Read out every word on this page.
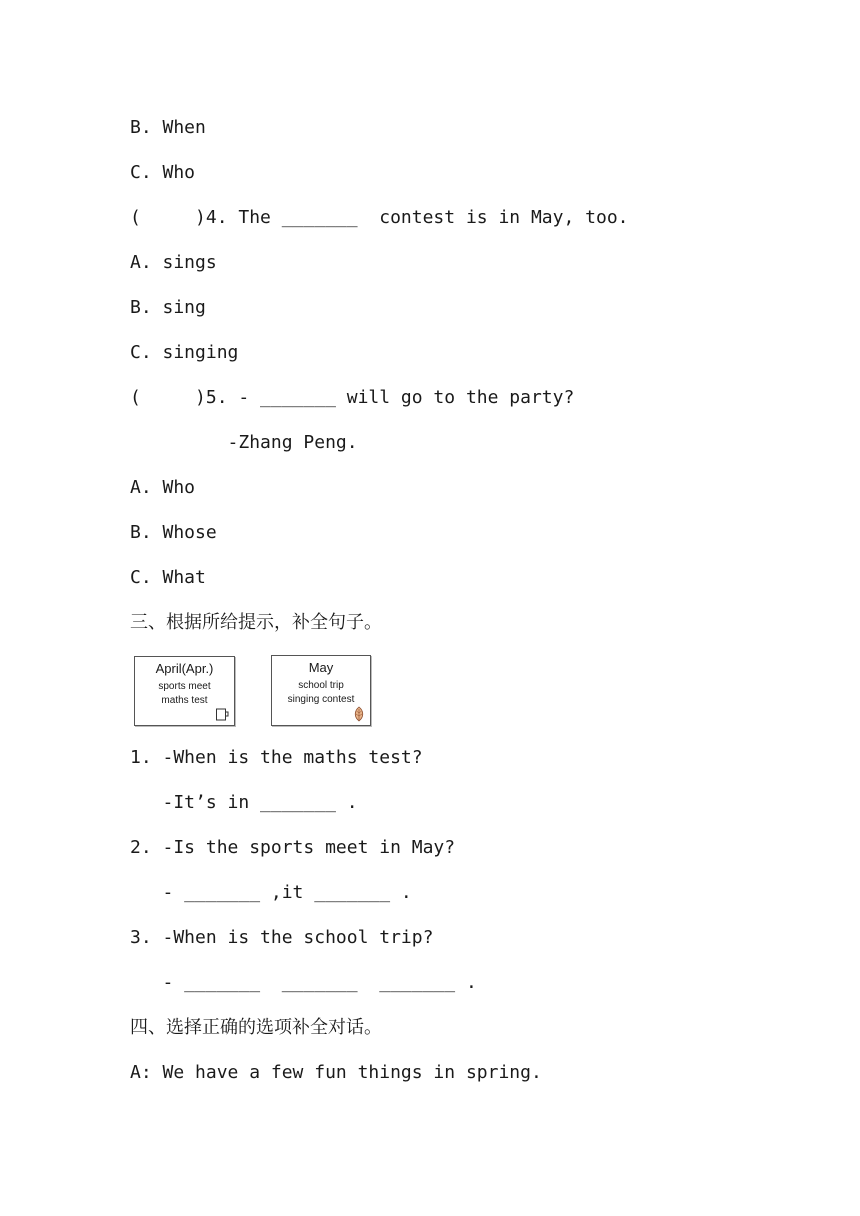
B. When
C. Who
(     )4. The _______  contest is in May, too.
A. sings
B. sing
C. singing
(     )5. - _______ will go to the party?
-Zhang Peng.
A. Who
B. Whose
C. What
三、根据所给提示，补全句子。
April(Apr.)
sports meet
maths test
May
school trip
singing contest
1. -When is the maths test?
-It’s in _______ .
2. -Is the sports meet in May?
- _______ ,it _______ .
3. -When is the school trip?
- _______  _______  _______ .
四、选择正确的选项补全对话。
A: We have a few fun things in spring.
